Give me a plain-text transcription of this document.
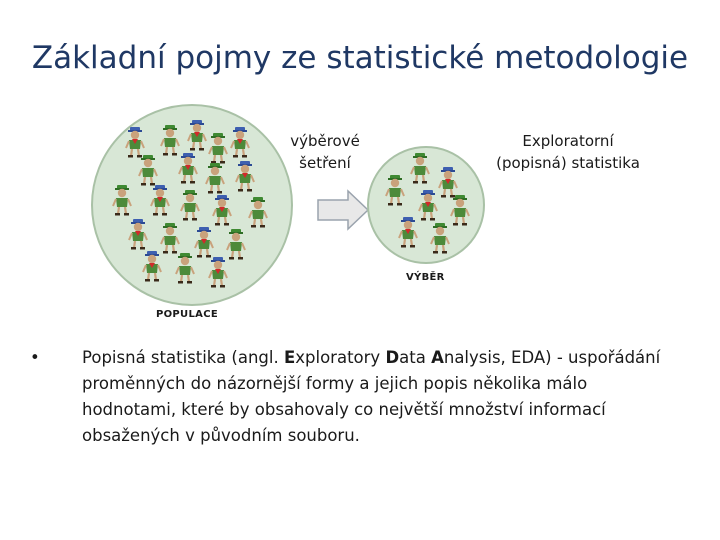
Základní pojmy ze statistické metodologie
výběrové
šetření
Exploratorní
(popisná) statistika
VÝBĚR
POPULACE
•	Popisná statistika (angl. Exploratory Data Analysis, EDA) - uspořádání proměnných do názornější formy a jejich popis několika málo hodnotami, které by obsahovaly co největší množství informací obsažených v původním souboru.
